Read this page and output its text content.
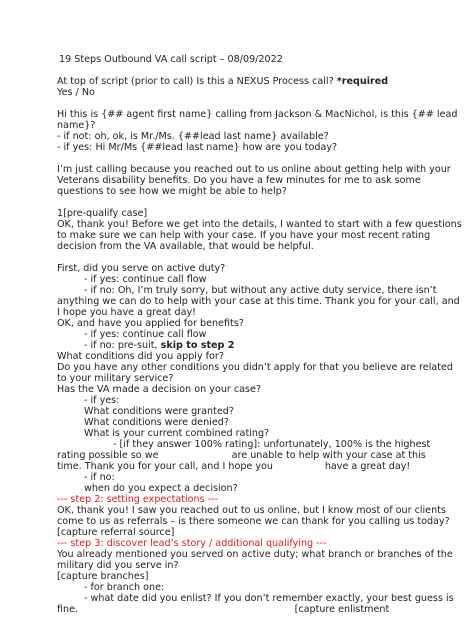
19 Steps Outbound VA call script – 08/09/2022
At top of script (prior to call) Is this a NEXUS Process call? *required
Yes / No
Hi this is {## agent first name} calling from Jackson & MacNichol, is this {## lead
name}?
- if not: oh, ok, is Mr./Ms. {##lead last name} available?
- if yes: Hi Mr/Ms {##lead last name} how are you today?
I’m just calling because you reached out to us online about getting help with your
Veterans disability benefits. Do you have a few minutes for me to ask some
questions to see how we might be able to help?
1[pre-qualify case]
OK, thank you! Before we get into the details, I wanted to start with a few questions
to make sure we can help with your case. If you have your most recent rating
decision from the VA available, that would be helpful.
First, did you serve on active duty?
- if yes: continue call flow
- if no: Oh, I’m truly sorry, but without any active duty service, there isn’t
anything we can do to help with your case at this time. Thank you for your call, and
I hope you have a great day!
OK, and have you applied for benefits?
- if yes: continue call flow
- if no: pre-suit, skip to step 2
What conditions did you apply for?
Do you have any other conditions you didn’t apply for that you believe are related
to your military service?
Has the VA made a decision on your case?
- if yes:
What conditions were granted?
What conditions were denied?
What is your current combined rating?
- [if they answer 100% rating]: unfortunately, 100% is the highest
rating possible so we                        are unable to help with your case at this
time. Thank you for your call, and I hope you                 have a great day!
- if no:
when do you expect a decision?
--- step 2: setting expectations ---
OK, thank you! I saw you reached out to us online, but I know most of our clients
come to us as referrals – is there someone we can thank for you calling us today?
[capture referral source]
--- step 3: discover lead’s story / additional qualifying ---
You already mentioned you served on active duty; what branch or branches of the
military did you serve in?
[capture branches]
- for branch one:
- what date did you enlist? If you don’t remember exactly, your best guess is
fine.                                                                       [capture enlistment
